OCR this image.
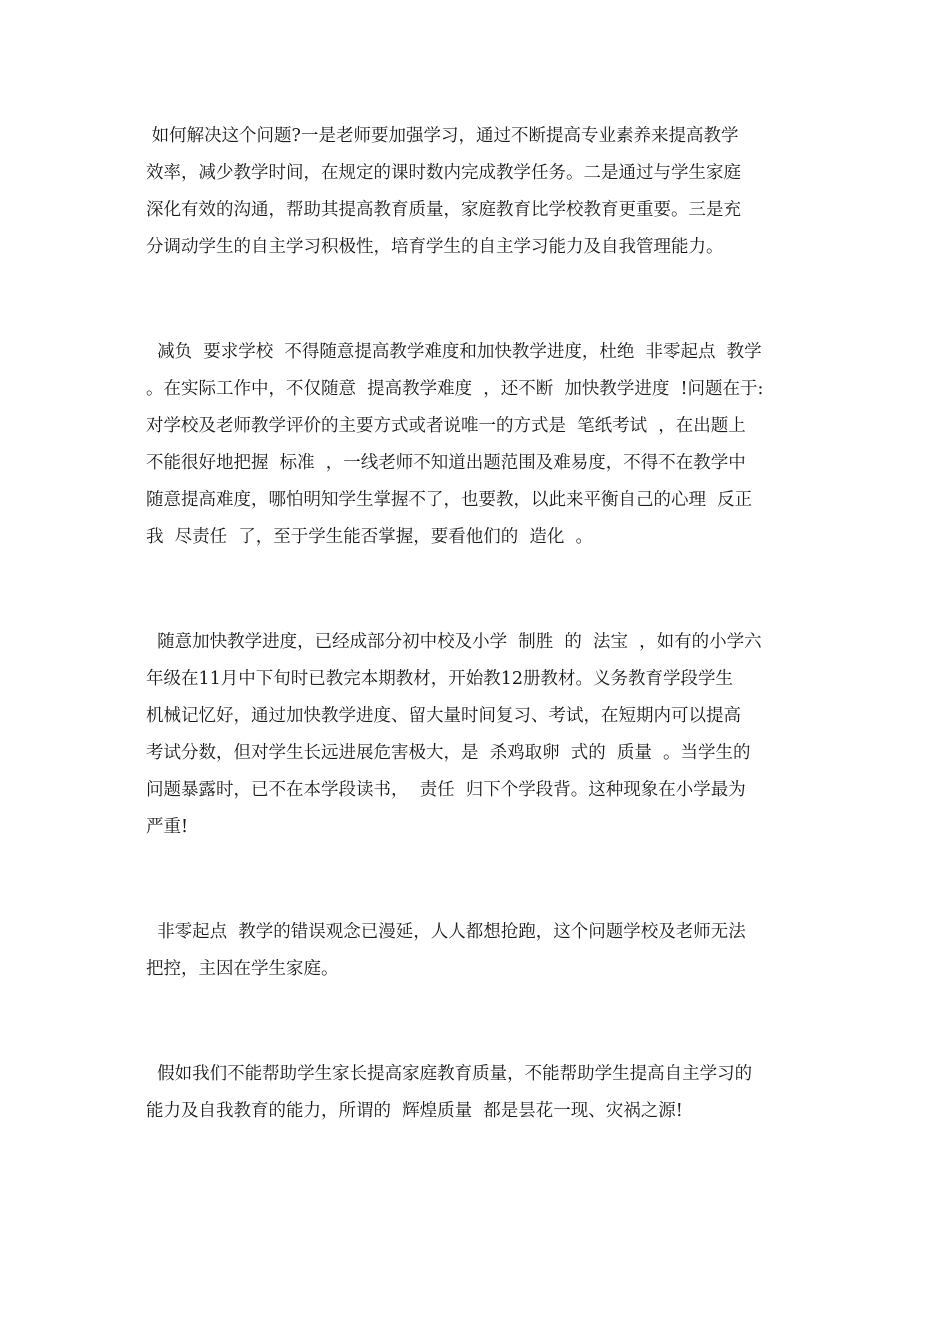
如何解决这个问题?一是老师要加强学习，通过不断提高专业素养来提高教学
效率，减少教学时间，在规定的课时数内完成教学任务。二是通过与学生家庭
深化有效的沟通，帮助其提高教育质量，家庭教育比学校教育更重要。三是充
分调动学生的自主学习积极性，培育学生的自主学习能力及自我管理能力。
减负  要求学校  不得随意提高教学难度和加快教学进度，杜绝  非零起点  教学
。在实际工作中，不仅随意  提高教学难度  ，还不断  加快教学进度  !问题在于:
对学校及老师教学评价的主要方式或者说唯一的方式是  笔纸考试  ，在出题上
不能很好地把握  标准  ，一线老师不知道出题范围及难易度，不得不在教学中
随意提高难度，哪怕明知学生掌握不了，也要教，以此来平衡自己的心理  反正
我  尽责任  了，至于学生能否掌握，要看他们的  造化  。
随意加快教学进度，已经成部分初中校及小学  制胜  的  法宝  ，如有的小学六
年级在11月中下旬时已教完本期教材，开始教12册教材。义务教育学段学生
机械记忆好，通过加快教学进度、留大量时间复习、考试，在短期内可以提高
考试分数，但对学生长远进展危害极大，是  杀鸡取卵  式的  质量  。当学生的
问题暴露时，已不在本学段读书，  责任  归下个学段背。这种现象在小学最为
严重!
非零起点  教学的错误观念已漫延，人人都想抢跑，这个问题学校及老师无法
把控，主因在学生家庭。
假如我们不能帮助学生家长提高家庭教育质量，不能帮助学生提高自主学习的
能力及自我教育的能力，所谓的  辉煌质量  都是昙花一现、灾祸之源!
